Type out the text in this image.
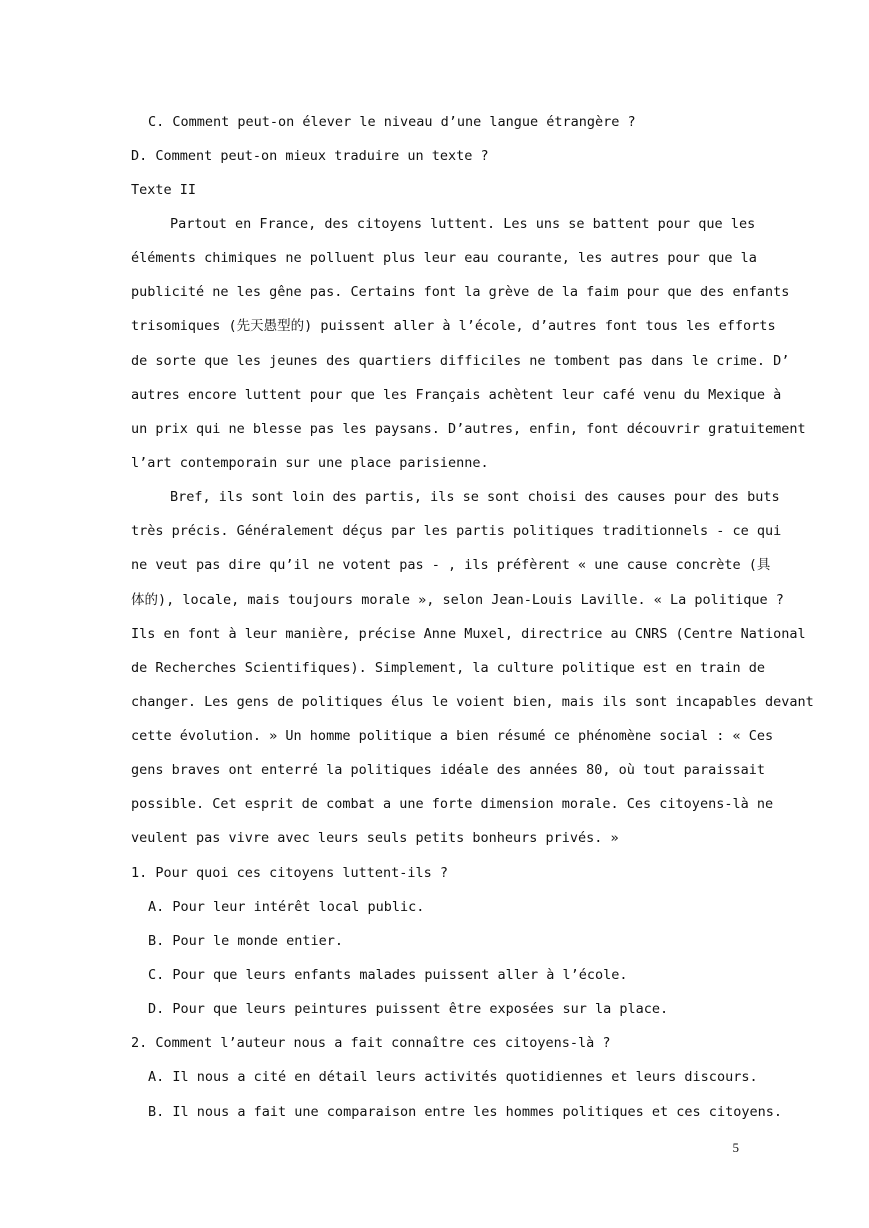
C. Comment peut-on élever le niveau d’une langue étrangère ?
D. Comment peut-on mieux traduire un texte ?
Texte II
Partout en France, des citoyens luttent. Les uns se battent pour que les
éléments chimiques ne polluent plus leur eau courante, les autres pour que la
publicité ne les gêne pas. Certains font la grève de la faim pour que des enfants
trisomiques (先天愚型的) puissent aller à l’école, d’autres font tous les efforts
de sorte que les jeunes des quartiers difficiles ne tombent pas dans le crime. D’
autres encore luttent pour que les Français achètent leur café venu du Mexique à
un prix qui ne blesse pas les paysans. D’autres, enfin, font découvrir gratuitement
l’art contemporain sur une place parisienne.
Bref, ils sont loin des partis, ils se sont choisi des causes pour des buts
très précis. Généralement déçus par les partis politiques traditionnels - ce qui
ne veut pas dire qu’il ne votent pas - , ils préfèrent « une cause concrète (具
体的), locale, mais toujours morale », selon Jean-Louis Laville. « La politique ?
Ils en font à leur manière, précise Anne Muxel, directrice au CNRS (Centre National
de Recherches Scientifiques). Simplement, la culture politique est en train de
changer. Les gens de politiques élus le voient bien, mais ils sont incapables devant
cette évolution. » Un homme politique a bien résumé ce phénomène social : « Ces
gens braves ont enterré la politiques idéale des années 80, où tout paraissait
possible. Cet esprit de combat a une forte dimension morale. Ces citoyens-là ne
veulent pas vivre avec leurs seuls petits bonheurs privés. »
1. Pour quoi ces citoyens luttent-ils ?
A. Pour leur intérêt local public.
B. Pour le monde entier.
C. Pour que leurs enfants malades puissent aller à l’école.
D. Pour que leurs peintures puissent être exposées sur la place.
2. Comment l’auteur nous a fait connaître ces citoyens-là ?
A. Il nous a cité en détail leurs activités quotidiennes et leurs discours.
B. Il nous a fait une comparaison entre les hommes politiques et ces citoyens.
5
